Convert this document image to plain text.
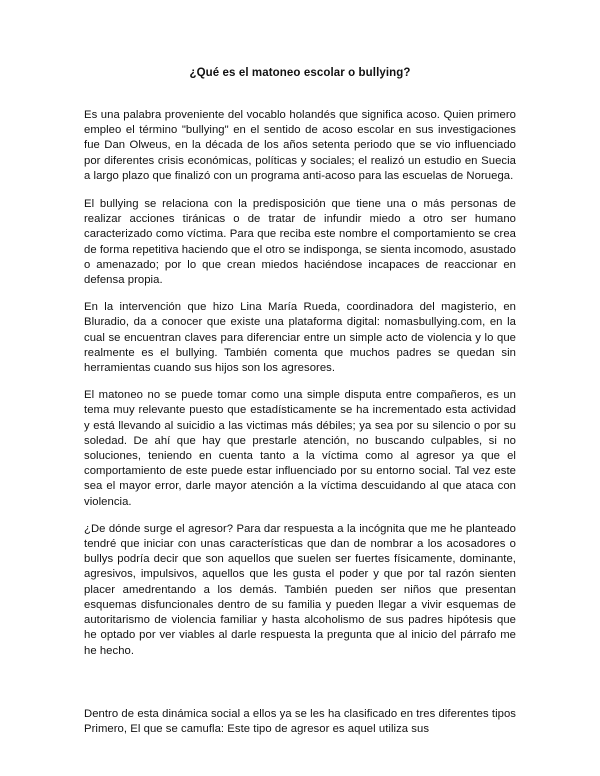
¿Qué es el matoneo escolar o bullying?

Es una palabra proveniente del vocablo holandés que significa acoso. Quien primero empleo el término "bullying" en el sentido de acoso escolar en sus investigaciones fue Dan Olweus, en la década de los años setenta periodo que se vio influenciado por diferentes crisis económicas, políticas y sociales; el realizó un estudio en Suecia a largo plazo que finalizó con un programa anti-acoso para las escuelas de Noruega.

El bullying se relaciona con la predisposición que tiene una o más personas de realizar acciones tiránicas o de tratar de infundir miedo a otro ser humano caracterizado como víctima. Para que reciba este nombre el comportamiento se crea de forma repetitiva haciendo que el otro se indisponga, se sienta incomodo, asustado o amenazado; por lo que crean miedos haciéndose incapaces de reaccionar en defensa propia.

En la intervención que hizo Lina María Rueda, coordinadora del magisterio, en Bluradio, da a conocer que existe una plataforma digital: nomasbullying.com, en la cual se encuentran claves para diferenciar entre un simple acto de violencia y lo que realmente es el bullying. También comenta que muchos padres se quedan sin herramientas cuando sus hijos son los agresores.

El matoneo no se puede tomar como una simple disputa entre compañeros, es un tema muy relevante puesto que estadísticamente se ha incrementado esta actividad y está llevando al suicidio a las victimas más débiles; ya sea por su silencio o por su soledad. De ahí que hay que prestarle atención, no buscando culpables, si no soluciones, teniendo en cuenta tanto a la víctima como al agresor ya que el comportamiento de este puede estar influenciado por su entorno social. Tal vez este sea el mayor error, darle mayor atención a la víctima descuidando al que ataca con violencia.

¿De dónde surge el agresor? Para dar respuesta a la incógnita que me he planteado tendré que iniciar con unas características que dan de nombrar a los acosadores o bullys podría decir que son aquellos que suelen ser fuertes físicamente, dominante, agresivos, impulsivos, aquellos que les gusta el poder y que por tal razón sienten placer amedrentando a los demás. También pueden ser niños que presentan esquemas disfuncionales dentro de su familia y pueden llegar a vivir esquemas de autoritarismo de violencia familiar y hasta alcoholismo de sus padres hipótesis que he optado por ver viables al darle respuesta la pregunta que al inicio del párrafo me he hecho.

Dentro de esta dinámica social a ellos ya se les ha clasificado en tres diferentes tipos Primero, El que se camufla: Este tipo de agresor es aquel utiliza sus
